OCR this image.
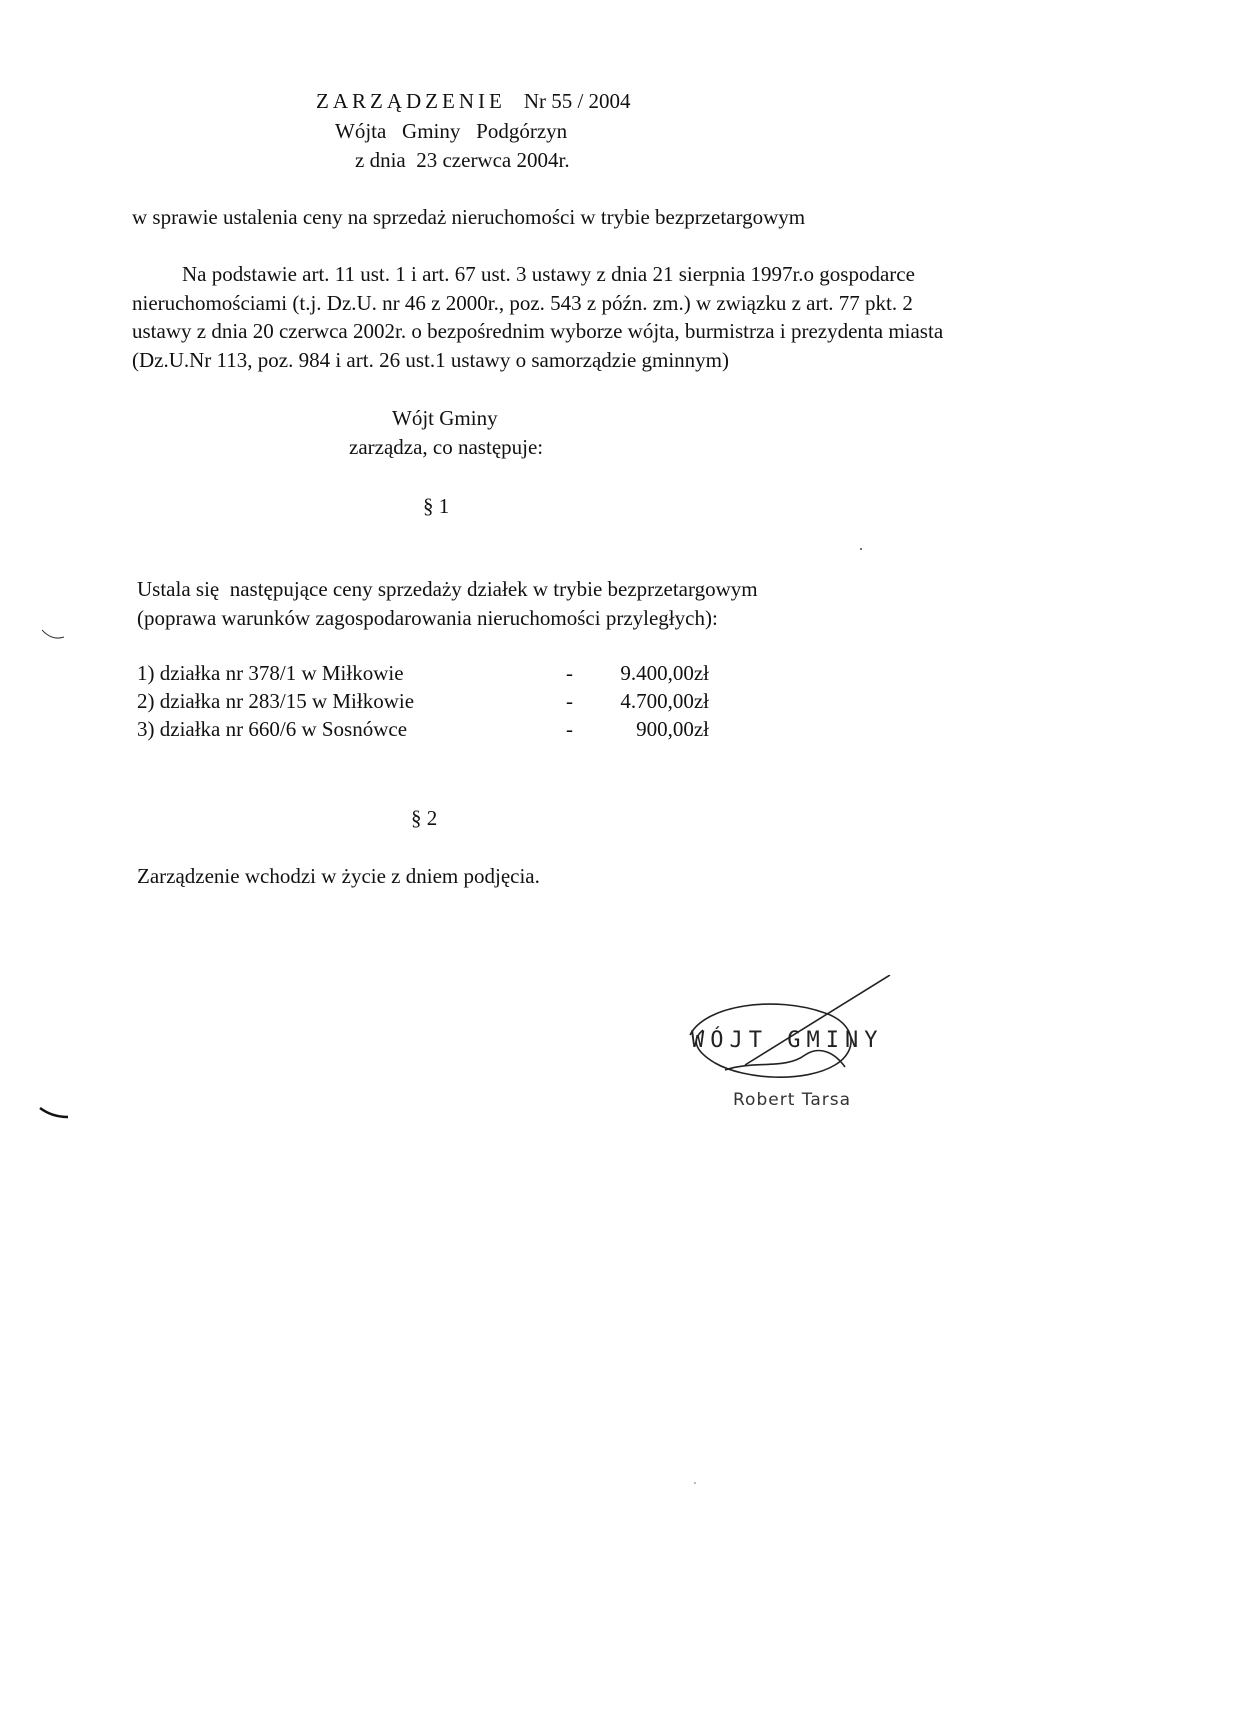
ZARZĄDZENIE Nr 55 / 2004
Wójta   Gminy   Podgórzyn
z dnia  23 czerwca 2004r.
w sprawie ustalenia ceny na sprzedaż nieruchomości w trybie bezprzetargowym
Na podstawie art. 11 ust. 1 i art. 67 ust. 3 ustawy z dnia 21 sierpnia 1997r.o gospodarce
nieruchomościami (t.j. Dz.U. nr 46 z 2000r., poz. 543 z późn. zm.) w związku z art. 77 pkt. 2
ustawy z dnia 20 czerwca 2002r. o bezpośrednim wyborze wójta, burmistrza i prezydenta miasta
(Dz.U.Nr 113, poz. 984 i art. 26 ust.1 ustawy o samorządzie gminnym)
Wójt Gminy
zarządza, co następuje:
§ 1
Ustala się  następujące ceny sprzedaży działek w trybie bezprzetargowym
(poprawa warunków zagospodarowania nieruchomości przyległych):
1) działka nr 378/1 w Miłkowie	- 9.400,00zł
2) działka nr 283/15 w Miłkowie	- 4.700,00zł
3) działka nr 660/6 w Sosnówce	-	900,00zł
§ 2
Zarządzenie wchodzi w życie z dniem podjęcia.
WÓJT GMINY
Robert Tarsa
